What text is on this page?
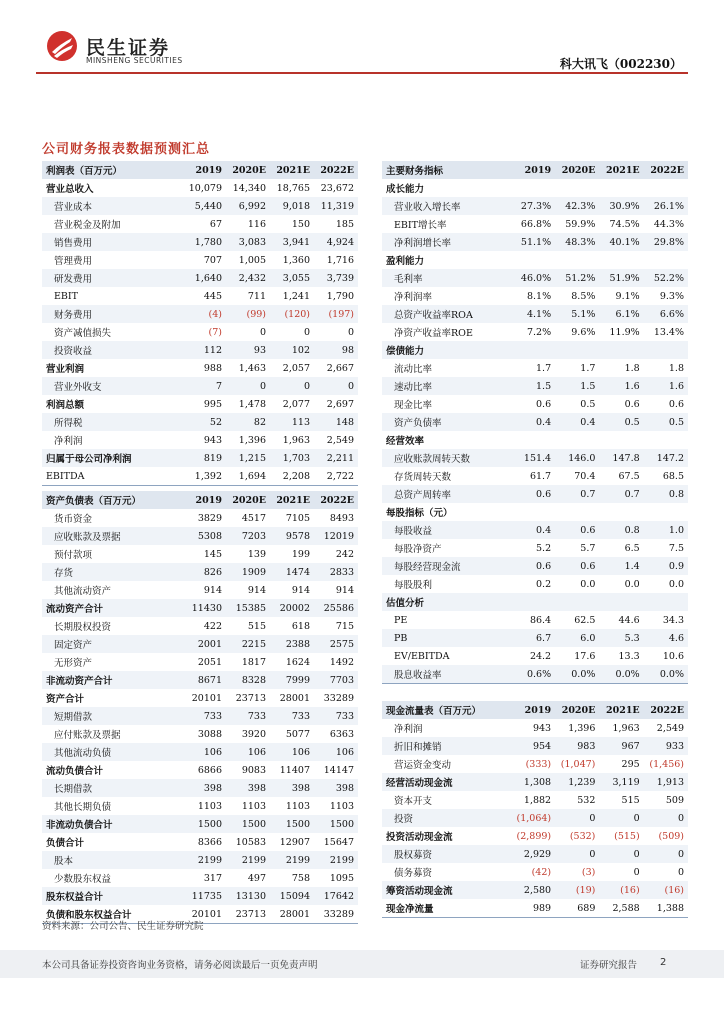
民生证券
MINSHENG SECURITIES	科大讯飞（002230）
公司财务报表数据预测汇总
利润表（百万元）	2019	2020E	2021E	2022E
营业总收入	10,079	14,340	18,765	23,672
营业成本	5,440	6,992	9,018	11,319
营业税金及附加	67	116	150	185
销售费用	1,780	3,083	3,941	4,924
管理费用	707	1,005	1,360	1,716
研发费用	1,640	2,432	3,055	3,739
EBIT	445	711	1,241	1,790
财务费用	(4)	(99)	(120)	(197)
资产减值损失	(7)	0	0	0
投资收益	112	93	102	98
营业利润	988	1,463	2,057	2,667
营业外收支	7	0	0	0
利润总额	995	1,478	2,077	2,697
所得税	52	82	113	148
净利润	943	1,396	1,963	2,549
归属于母公司净利润	819	1,215	1,703	2,211
EBITDA	1,392	1,694	2,208	2,722
主要财务指标	2019	2020E	2021E	2022E
成长能力				
营业收入增长率	27.3%	42.3%	30.9%	26.1%
EBIT增长率	66.8%	59.9%	74.5%	44.3%
净利润增长率	51.1%	48.3%	40.1%	29.8%
盈利能力				
毛利率	46.0%	51.2%	51.9%	52.2%
净利润率	8.1%	8.5%	9.1%	9.3%
总资产收益率ROA	4.1%	5.1%	6.1%	6.6%
净资产收益率ROE	7.2%	9.6%	11.9%	13.4%
偿债能力				
流动比率	1.7	1.7	1.8	1.8
速动比率	1.5	1.5	1.6	1.6
现金比率	0.6	0.5	0.6	0.6
资产负债率	0.4	0.4	0.5	0.5
经营效率				
应收账款周转天数	151.4	146.0	147.8	147.2
存货周转天数	61.7	70.4	67.5	68.5
总资产周转率	0.6	0.7	0.7	0.8
每股指标（元）				
每股收益	0.4	0.6	0.8	1.0
每股净资产	5.2	5.7	6.5	7.5
每股经营现金流	0.6	0.6	1.4	0.9
每股股利	0.2	0.0	0.0	0.0
估值分析				
PE	86.4	62.5	44.6	34.3
PB	6.7	6.0	5.3	4.6
EV/EBITDA	24.2	17.6	13.3	10.6
股息收益率	0.6%	0.0%	0.0%	0.0%
资产负债表（百万元）	2019	2020E	2021E	2022E
货币资金	3829	4517	7105	8493
应收账款及票据	5308	7203	9578	12019
预付款项	145	139	199	242
存货	826	1909	1474	2833
其他流动资产	914	914	914	914
流动资产合计	11430	15385	20002	25586
长期股权投资	422	515	618	715
固定资产	2001	2215	2388	2575
无形资产	2051	1817	1624	1492
非流动资产合计	8671	8328	7999	7703
资产合计	20101	23713	28001	33289
短期借款	733	733	733	733
应付账款及票据	3088	3920	5077	6363
其他流动负债	106	106	106	106
流动负债合计	6866	9083	11407	14147
长期借款	398	398	398	398
其他长期负债	1103	1103	1103	1103
非流动负债合计	1500	1500	1500	1500
负债合计	8366	10583	12907	15647
股本	2199	2199	2199	2199
少数股东权益	317	497	758	1095
股东权益合计	11735	13130	15094	17642
负债和股东权益合计	20101	23713	28001	33289
现金流量表（百万元）	2019	2020E	2021E	2022E
净利润	943	1,396	1,963	2,549
折旧和摊销	954	983	967	933
营运资金变动	(333)	(1,047)	295	(1,456)
经营活动现金流	1,308	1,239	3,119	1,913
资本开支	1,882	532	515	509
投资	(1,064)	0	0	0
投资活动现金流	(2,899)	(532)	(515)	(509)
股权募资	2,929	0	0	0
债务募资	(42)	(3)	0	0
筹资活动现金流	2,580	(19)	(16)	(16)
现金净流量	989	689	2,588	1,388
资料来源：公司公告、民生证券研究院
本公司具备证券投资咨询业务资格，请务必阅读最后一页免责声明	证券研究报告 2
